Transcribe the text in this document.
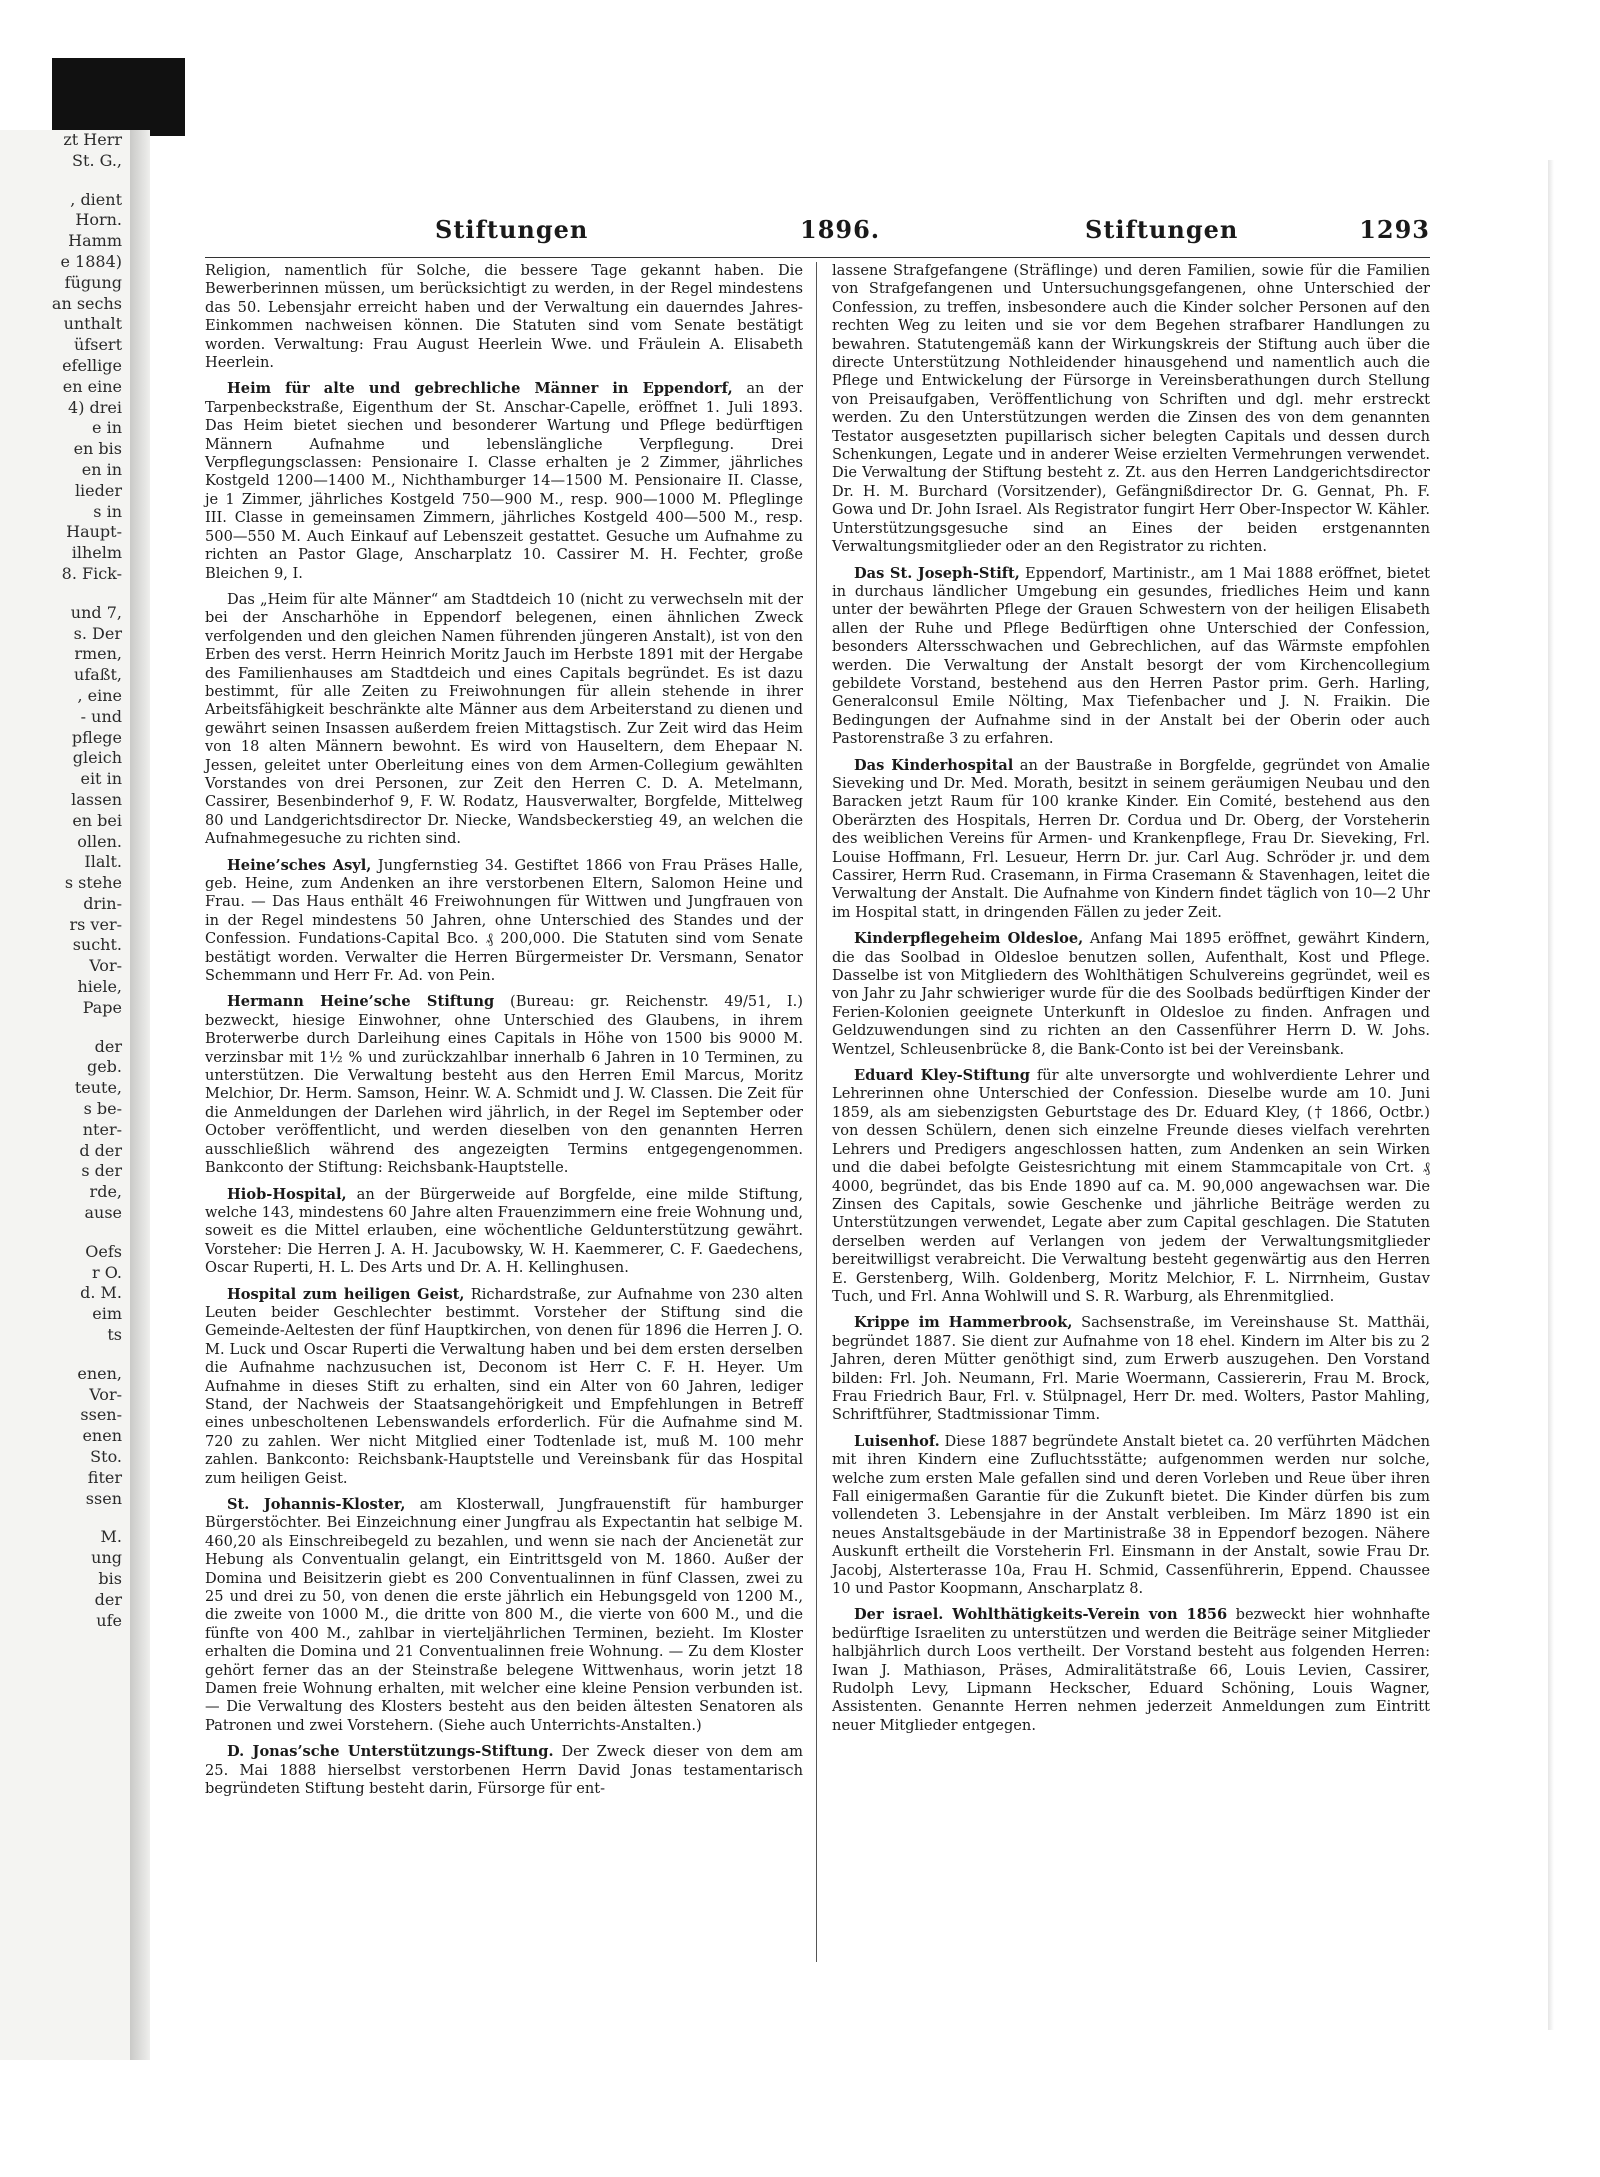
zt Herr
St. G.,
, dient
Horn.
Hamm
e 1884)
fügung
an sechs
unthalt
üfsert
efellige
en eine
4) drei
e in
en bis
en in
lieder
s in
Haupt-
ilhelm
8. Fick-
und 7,
s. Der
rmen,
ufaßt,
, eine
- und
pflege
gleich
eit in
lassen
en bei
ollen.
Ilalt.
s stehe
drin-
rs ver-
sucht.
Vor-
hiele,
Pape
der
geb.
teute,
s be-
nter-
d der
s der
rde,
ause
Oefs
r O.
d. M.
eim
ts
enen,
Vor-
ssen-
enen
Sto.
fiter
ssen
M.
ung
bis
der
ufe
Stiftungen	1896.	Stiftungen	1293

Religion, namentlich für Solche, die bessere Tage gekannt haben. Die Bewerberinnen müssen, um berücksichtigt zu werden, in der Regel mindestens das 50. Lebensjahr erreicht haben und der Verwaltung ein dauerndes Jahres-Einkommen nachweisen können. Die Statuten sind vom Senate bestätigt worden. Verwaltung: Frau August Heerlein Wwe. und Fräulein A. Elisabeth Heerlein.

Heim für alte und gebrechliche Männer in Eppendorf, an der Tarpenbeckstraße, Eigenthum der St. Anschar-Capelle, eröffnet 1. Juli 1893. Das Heim bietet siechen und besonderer Wartung und Pflege bedürftigen Männern Aufnahme und lebenslängliche Verpflegung. Drei Verpflegungsclassen: Pensionaire I. Classe erhalten je 2 Zimmer, jährliches Kostgeld 1200—1400 M., Nichthamburger 14—1500 M. Pensionaire II. Classe, je 1 Zimmer, jährliches Kostgeld 750—900 M., resp. 900—1000 M. Pfleglinge III. Classe in gemeinsamen Zimmern, jährliches Kostgeld 400—500 M., resp. 500—550 M. Auch Einkauf auf Lebenszeit gestattet. Gesuche um Aufnahme zu richten an Pastor Glage, Anscharplatz 10. Cassirer M. H. Fechter, große Bleichen 9, I.

Das „Heim für alte Männer“ am Stadtdeich 10 (nicht zu verwechseln mit der bei der Anscharhöhe in Eppendorf belegenen, einen ähnlichen Zweck verfolgenden und den gleichen Namen führenden jüngeren Anstalt), ist von den Erben des verst. Herrn Heinrich Moritz Jauch im Herbste 1891 mit der Hergabe des Familienhauses am Stadtdeich und eines Capitals begründet. Es ist dazu bestimmt, für alle Zeiten zu Freiwohnungen für allein stehende in ihrer Arbeitsfähigkeit beschränkte alte Männer aus dem Arbeiterstand zu dienen und gewährt seinen Insassen außerdem freien Mittagstisch. Zur Zeit wird das Heim von 18 alten Männern bewohnt. Es wird von Hauseltern, dem Ehepaar N. Jessen, geleitet unter Oberleitung eines von dem Armen-Collegium gewählten Vorstandes von drei Personen, zur Zeit den Herren C. D. A. Metelmann, Cassirer, Besenbinderhof 9, F. W. Rodatz, Hausverwalter, Borgfelde, Mittelweg 80 und Landgerichtsdirector Dr. Niecke, Wandsbeckerstieg 49, an welchen die Aufnahmegesuche zu richten sind.

Heine’sches Asyl, Jungfernstieg 34. Gestiftet 1866 von Frau Präses Halle, geb. Heine, zum Andenken an ihre verstorbenen Eltern, Salomon Heine und Frau. — Das Haus enthält 46 Freiwohnungen für Wittwen und Jungfrauen von in der Regel mindestens 50 Jahren, ohne Unterschied des Standes und der Confession. Fundations-Capital Bco. ₰ 200,000. Die Statuten sind vom Senate bestätigt worden. Verwalter die Herren Bürgermeister Dr. Versmann, Senator Schemmann und Herr Fr. Ad. von Pein.

Hermann Heine’sche Stiftung (Bureau: gr. Reichenstr. 49/51, I.) bezweckt, hiesige Einwohner, ohne Unterschied des Glaubens, in ihrem Broterwerbe durch Darleihung eines Capitals in Höhe von 1500 bis 9000 M. verzinsbar mit 1½ % und zurückzahlbar innerhalb 6 Jahren in 10 Terminen, zu unterstützen. Die Verwaltung besteht aus den Herren Emil Marcus, Moritz Melchior, Dr. Herm. Samson, Heinr. W. A. Schmidt und J. W. Classen. Die Zeit für die Anmeldungen der Darlehen wird jährlich, in der Regel im September oder October veröffentlicht, und werden dieselben von den genannten Herren ausschließlich während des angezeigten Termins entgegengenommen. Bankconto der Stiftung: Reichsbank-Hauptstelle.

Hiob-Hospital, an der Bürgerweide auf Borgfelde, eine milde Stiftung, welche 143, mindestens 60 Jahre alten Frauenzimmern eine freie Wohnung und, soweit es die Mittel erlauben, eine wöchentliche Geldunterstützung gewährt. Vorsteher: Die Herren J. A. H. Jacubowsky, W. H. Kaemmerer, C. F. Gaedechens, Oscar Ruperti, H. L. Des Arts und Dr. A. H. Kellinghusen.

Hospital zum heiligen Geist, Richardstraße, zur Aufnahme von 230 alten Leuten beider Geschlechter bestimmt. Vorsteher der Stiftung sind die Gemeinde-Aeltesten der fünf Hauptkirchen, von denen für 1896 die Herren J. O. M. Luck und Oscar Ruperti die Verwaltung haben und bei dem ersten derselben die Aufnahme nachzusuchen ist, Deconom ist Herr C. F. H. Heyer. Um Aufnahme in dieses Stift zu erhalten, sind ein Alter von 60 Jahren, lediger Stand, der Nachweis der Staatsangehörigkeit und Empfehlungen in Betreff eines unbescholtenen Lebenswandels erforderlich. Für die Aufnahme sind M. 720 zu zahlen. Wer nicht Mitglied einer Todtenlade ist, muß M. 100 mehr zahlen. Bankconto: Reichsbank-Hauptstelle und Vereinsbank für das Hospital zum heiligen Geist.

St. Johannis-Kloster, am Klosterwall, Jungfrauenstift für hamburger Bürgerstöchter. Bei Einzeichnung einer Jungfrau als Expectantin hat selbige M. 460,20 als Einschreibegeld zu bezahlen, und wenn sie nach der Ancienetät zur Hebung als Conventualin gelangt, ein Eintrittsgeld von M. 1860. Außer der Domina und Beisitzerin giebt es 200 Conventualinnen in fünf Classen, zwei zu 25 und drei zu 50, von denen die erste jährlich ein Hebungsgeld von 1200 M., die zweite von 1000 M., die dritte von 800 M., die vierte von 600 M., und die fünfte von 400 M., zahlbar in vierteljährlichen Terminen, bezieht. Im Kloster erhalten die Domina und 21 Conventualinnen freie Wohnung. — Zu dem Kloster gehört ferner das an der Steinstraße belegene Wittwenhaus, worin jetzt 18 Damen freie Wohnung erhalten, mit welcher eine kleine Pension verbunden ist. — Die Verwaltung des Klosters besteht aus den beiden ältesten Senatoren als Patronen und zwei Vorstehern. (Siehe auch Unterrichts-Anstalten.)

D. Jonas’sche Unterstützungs-Stiftung. Der Zweck dieser von dem am 25. Mai 1888 hierselbst verstorbenen Herrn David Jonas testamentarisch begründeten Stiftung besteht darin, Fürsorge für ent-

lassene Strafgefangene (Sträflinge) und deren Familien, sowie für die Familien von Strafgefangenen und Untersuchungsgefangenen, ohne Unterschied der Confession, zu treffen, insbesondere auch die Kinder solcher Personen auf den rechten Weg zu leiten und sie vor dem Begehen strafbarer Handlungen zu bewahren. Statutengemäß kann der Wirkungskreis der Stiftung auch über die directe Unterstützung Nothleidender hinausgehend und namentlich auch die Pflege und Entwickelung der Fürsorge in Vereinsberathungen durch Stellung von Preisaufgaben, Veröffentlichung von Schriften und dgl. mehr erstreckt werden. Zu den Unterstützungen werden die Zinsen des von dem genannten Testator ausgesetzten pupillarisch sicher belegten Capitals und dessen durch Schenkungen, Legate und in anderer Weise erzielten Vermehrungen verwendet. Die Verwaltung der Stiftung besteht z. Zt. aus den Herren Landgerichtsdirector Dr. H. M. Burchard (Vorsitzender), Gefängnißdirector Dr. G. Gennat, Ph. F. Gowa und Dr. John Israel. Als Registrator fungirt Herr Ober-Inspector W. Kähler. Unterstützungsgesuche sind an Eines der beiden erstgenannten Verwaltungsmitglieder oder an den Registrator zu richten.

Das St. Joseph-Stift, Eppendorf, Martinistr., am 1 Mai 1888 eröffnet, bietet in durchaus ländlicher Umgebung ein gesundes, friedliches Heim und kann unter der bewährten Pflege der Grauen Schwestern von der heiligen Elisabeth allen der Ruhe und Pflege Bedürftigen ohne Unterschied der Confession, besonders Altersschwachen und Gebrechlichen, auf das Wärmste empfohlen werden. Die Verwaltung der Anstalt besorgt der vom Kirchencollegium gebildete Vorstand, bestehend aus den Herren Pastor prim. Gerh. Harling, Generalconsul Emile Nölting, Max Tiefenbacher und J. N. Fraikin. Die Bedingungen der Aufnahme sind in der Anstalt bei der Oberin oder auch Pastorenstraße 3 zu erfahren.

Das Kinderhospital an der Baustraße in Borgfelde, gegründet von Amalie Sieveking und Dr. Med. Morath, besitzt in seinem geräumigen Neubau und den Baracken jetzt Raum für 100 kranke Kinder. Ein Comité, bestehend aus den Oberärzten des Hospitals, Herren Dr. Cordua und Dr. Oberg, der Vorsteherin des weiblichen Vereins für Armen- und Krankenpflege, Frau Dr. Sieveking, Frl. Louise Hoffmann, Frl. Lesueur, Herrn Dr. jur. Carl Aug. Schröder jr. und dem Cassirer, Herrn Rud. Crasemann, in Firma Crasemann & Stavenhagen, leitet die Verwaltung der Anstalt. Die Aufnahme von Kindern findet täglich von 10—2 Uhr im Hospital statt, in dringenden Fällen zu jeder Zeit.

Kinderpflegeheim Oldesloe, Anfang Mai 1895 eröffnet, gewährt Kindern, die das Soolbad in Oldesloe benutzen sollen, Aufenthalt, Kost und Pflege. Dasselbe ist von Mitgliedern des Wohlthätigen Schulvereins gegründet, weil es von Jahr zu Jahr schwieriger wurde für die des Soolbads bedürftigen Kinder der Ferien-Kolonien geeignete Unterkunft in Oldesloe zu finden. Anfragen und Geldzuwendungen sind zu richten an den Cassenführer Herrn D. W. Johs. Wentzel, Schleusenbrücke 8, die Bank-Conto ist bei der Vereinsbank.

Eduard Kley-Stiftung für alte unversorgte und wohlverdiente Lehrer und Lehrerinnen ohne Unterschied der Confession. Dieselbe wurde am 10. Juni 1859, als am siebenzigsten Geburtstage des Dr. Eduard Kley, († 1866, Octbr.) von dessen Schülern, denen sich einzelne Freunde dieses vielfach verehrten Lehrers und Predigers angeschlossen hatten, zum Andenken an sein Wirken und die dabei befolgte Geistesrichtung mit einem Stammcapitale von Crt. ₰ 4000, begründet, das bis Ende 1890 auf ca. M. 90,000 angewachsen war. Die Zinsen des Capitals, sowie Geschenke und jährliche Beiträge werden zu Unterstützungen verwendet, Legate aber zum Capital geschlagen. Die Statuten derselben werden auf Verlangen von jedem der Verwaltungsmitglieder bereitwilligst verabreicht. Die Verwaltung besteht gegenwärtig aus den Herren E. Gerstenberg, Wilh. Goldenberg, Moritz Melchior, F. L. Nirrnheim, Gustav Tuch, und Frl. Anna Wohlwill und S. R. Warburg, als Ehrenmitglied.

Krippe im Hammerbrook, Sachsenstraße, im Vereinshause St. Matthäi, begründet 1887. Sie dient zur Aufnahme von 18 ehel. Kindern im Alter bis zu 2 Jahren, deren Mütter genöthigt sind, zum Erwerb auszugehen. Den Vorstand bilden: Frl. Joh. Neumann, Frl. Marie Woermann, Cassiererin, Frau M. Brock, Frau Friedrich Baur, Frl. v. Stülpnagel, Herr Dr. med. Wolters, Pastor Mahling, Schriftführer, Stadtmissionar Timm.

Luisenhof. Diese 1887 begründete Anstalt bietet ca. 20 verführten Mädchen mit ihren Kindern eine Zufluchtsstätte; aufgenommen werden nur solche, welche zum ersten Male gefallen sind und deren Vorleben und Reue über ihren Fall einigermaßen Garantie für die Zukunft bietet. Die Kinder dürfen bis zum vollendeten 3. Lebensjahre in der Anstalt verbleiben. Im März 1890 ist ein neues Anstaltsgebäude in der Martinistraße 38 in Eppendorf bezogen. Nähere Auskunft ertheilt die Vorsteherin Frl. Einsmann in der Anstalt, sowie Frau Dr. Jacobj, Alsterterasse 10a, Frau H. Schmid, Cassenführerin, Eppend. Chaussee 10 und Pastor Koopmann, Anscharplatz 8.

Der israel. Wohlthätigkeits-Verein von 1856 bezweckt hier wohnhafte bedürftige Israeliten zu unterstützen und werden die Beiträge seiner Mitglieder halbjährlich durch Loos vertheilt. Der Vorstand besteht aus folgenden Herren: Iwan J. Mathiason, Präses, Admiralitätstraße 66, Louis Levien, Cassirer, Rudolph Levy, Lipmann Heckscher, Eduard Schöning, Louis Wagner, Assistenten. Genannte Herren nehmen jederzeit Anmeldungen zum Eintritt neuer Mitglieder entgegen.
